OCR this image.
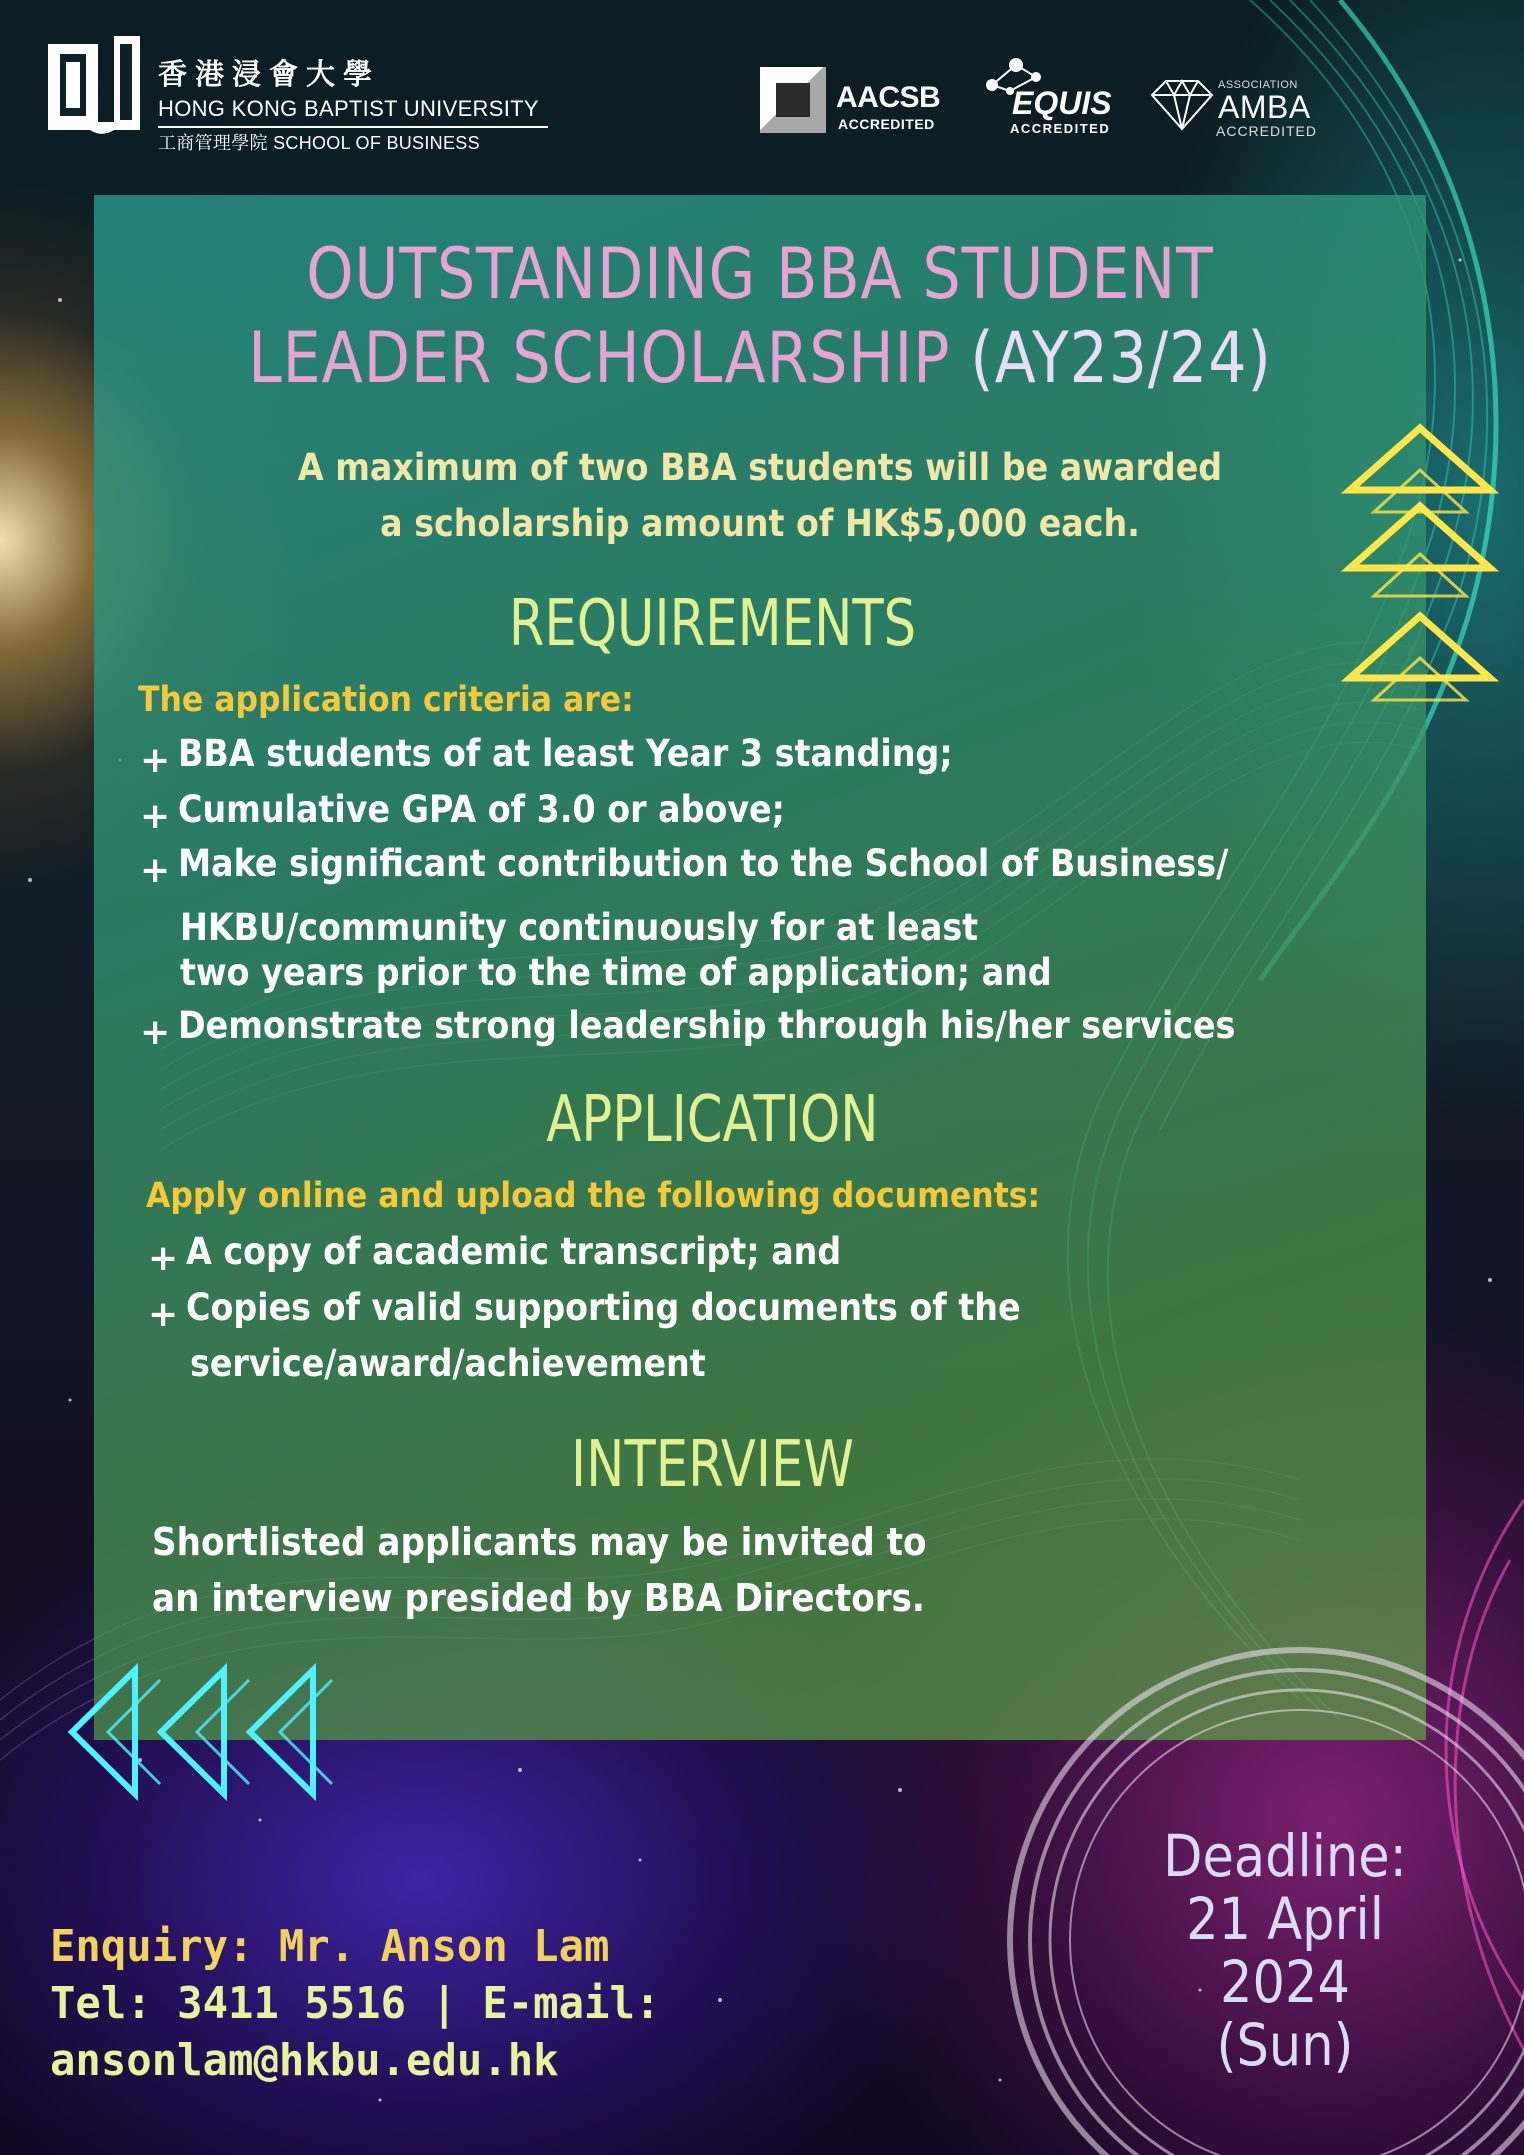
香港浸會大學
HONG KONG BAPTIST UNIVERSITY
工商管理學院 SCHOOL OF BUSINESS
AACSB
ACCREDITED
EQUIS
ACCREDITED
ASSOCIATION
AMBA
ACCREDITED
OUTSTANDING BBA STUDENT
LEADER SCHOLARSHIP (AY23/24)
A maximum of two BBA students will be awarded
a scholarship amount of HK$5,000 each.
REQUIREMENTS
The application criteria are:
+ BBA students of at least Year 3 standing;
+ Cumulative GPA of 3.0 or above;
+ Make significant contribution to the School of Business/
HKBU/community continuously for at least
two years prior to the time of application; and
+ Demonstrate strong leadership through his/her services
APPLICATION
Apply online and upload the following documents:
+ A copy of academic transcript; and
+ Copies of valid supporting documents of the
service/award/achievement
INTERVIEW
Shortlisted applicants may be invited to
an interview presided by BBA Directors.
Enquiry: Mr. Anson Lam
Tel: 3411 5516 | E-mail:
ansonlam@hkbu.edu.hk
Deadline:
21 April 2024
(Sun)
